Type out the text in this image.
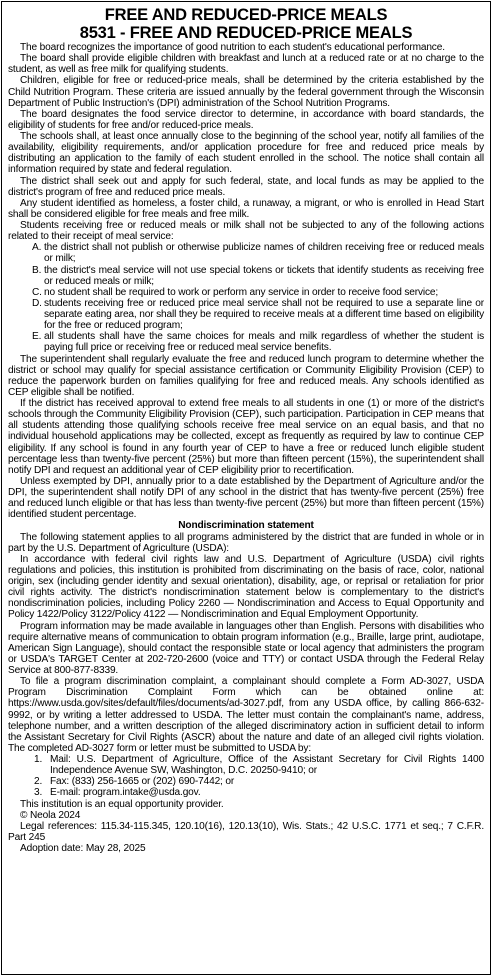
FREE AND REDUCED-PRICE MEALS
8531 - FREE AND REDUCED-PRICE MEALS

The board recognizes the importance of good nutrition to each student's educational performance.

The board shall provide eligible children with breakfast and lunch at a reduced rate or at no charge to the student, as well as free milk for qualifying students.

Children, eligible for free or reduced-price meals, shall be determined by the criteria established by the Child Nutrition Program. These criteria are issued annually by the federal government through the Wisconsin Department of Public Instruction's (DPI) administration of the School Nutrition Programs.

The board designates the food service director to determine, in accordance with board standards, the eligibility of students for free and/or reduced-price meals.

The schools shall, at least once annually close to the beginning of the school year, notify all families of the availability, eligibility requirements, and/or application procedure for free and reduced price meals by distributing an application to the family of each student enrolled in the school. The notice shall contain all information required by state and federal regulation.

The district shall seek out and apply for such federal, state, and local funds as may be applied to the district's program of free and reduced price meals.

Any student identified as homeless, a foster child, a runaway, a migrant, or who is enrolled in Head Start shall be considered eligible for free meals and free milk.

Students receiving free or reduced meals or milk shall not be subjected to any of the following actions related to their receipt of meal service:

A. the district shall not publish or otherwise publicize names of children receiving free or reduced meals or milk;
B. the district's meal service will not use special tokens or tickets that identify students as receiving free or reduced meals or milk;
C. no student shall be required to work or perform any service in order to receive food service;
D. students receiving free or reduced price meal service shall not be required to use a separate line or separate eating area, nor shall they be required to receive meals at a different time based on eligibility for the free or reduced program;
E. all students shall have the same choices for meals and milk regardless of whether the student is paying full price or receiving free or reduced meal service benefits.

The superintendent shall regularly evaluate the free and reduced lunch program to determine whether the district or school may qualify for special assistance certification or Community Eligibility Provision (CEP) to reduce the paperwork burden on families qualifying for free and reduced meals. Any schools identified as CEP eligible shall be notified.

If the district has received approval to extend free meals to all students in one (1) or more of the district's schools through the Community Eligibility Provision (CEP), such participation. Participation in CEP means that all students attending those qualifying schools receive free meal service on an equal basis, and that no individual household applications may be collected, except as frequently as required by law to continue CEP eligibility. If any school is found in any fourth year of CEP to have a free or reduced lunch eligible student percentage less than twenty-five percent (25%) but more than fifteen percent (15%), the superintendent shall notify DPI and request an additional year of CEP eligibility prior to recertification.

Unless exempted by DPI, annually prior to a date established by the Department of Agriculture and/or the DPI, the superintendent shall notify DPI of any school in the district that has twenty-five percent (25%) free and reduced lunch eligible or that has less than twenty-five percent (25%) but more than fifteen percent (15%) identified student percentage.

Nondiscrimination statement

The following statement applies to all programs administered by the district that are funded in whole or in part by the U.S. Department of Agriculture (USDA):

In accordance with federal civil rights law and U.S. Department of Agriculture (USDA) civil rights regulations and policies, this institution is prohibited from discriminating on the basis of race, color, national origin, sex (including gender identity and sexual orientation), disability, age, or reprisal or retaliation for prior civil rights activity. The district's nondiscrimination statement below is complementary to the district's nondiscrimination policies, including Policy 2260 — Nondiscrimination and Access to Equal Opportunity and Policy 1422/Policy 3122/Policy 4122 — Nondiscrimination and Equal Employment Opportunity.

Program information may be made available in languages other than English. Persons with disabilities who require alternative means of communication to obtain program information (e.g., Braille, large print, audiotape, American Sign Language), should contact the responsible state or local agency that administers the program or USDA's TARGET Center at 202-720-2600 (voice and TTY) or contact USDA through the Federal Relay Service at 800-877-8339.

To file a program discrimination complaint, a complainant should complete a Form AD-3027, USDA Program Discrimination Complaint Form which can be obtained online at: https://www.usda.gov/sites/default/files/documents/ad-3027.pdf, from any USDA office, by calling 866-632-9992, or by writing a letter addressed to USDA. The letter must contain the complainant's name, address, telephone number, and a written description of the alleged discriminatory action in sufficient detail to inform the Assistant Secretary for Civil Rights (ASCR) about the nature and date of an alleged civil rights violation. The completed AD-3027 form or letter must be submitted to USDA by:

1. Mail: U.S. Department of Agriculture, Office of the Assistant Secretary for Civil Rights 1400 Independence Avenue SW, Washington, D.C. 20250-9410; or
2. Fax: (833) 256-1665 or (202) 690-7442; or
3. E-mail: program.intake@usda.gov.

This institution is an equal opportunity provider.

© Neola 2024

Legal references: 115.34-115.345, 120.10(16), 120.13(10), Wis. Stats.; 42 U.S.C. 1771 et seq.; 7 C.F.R. Part 245

Adoption date: May 28, 2025
